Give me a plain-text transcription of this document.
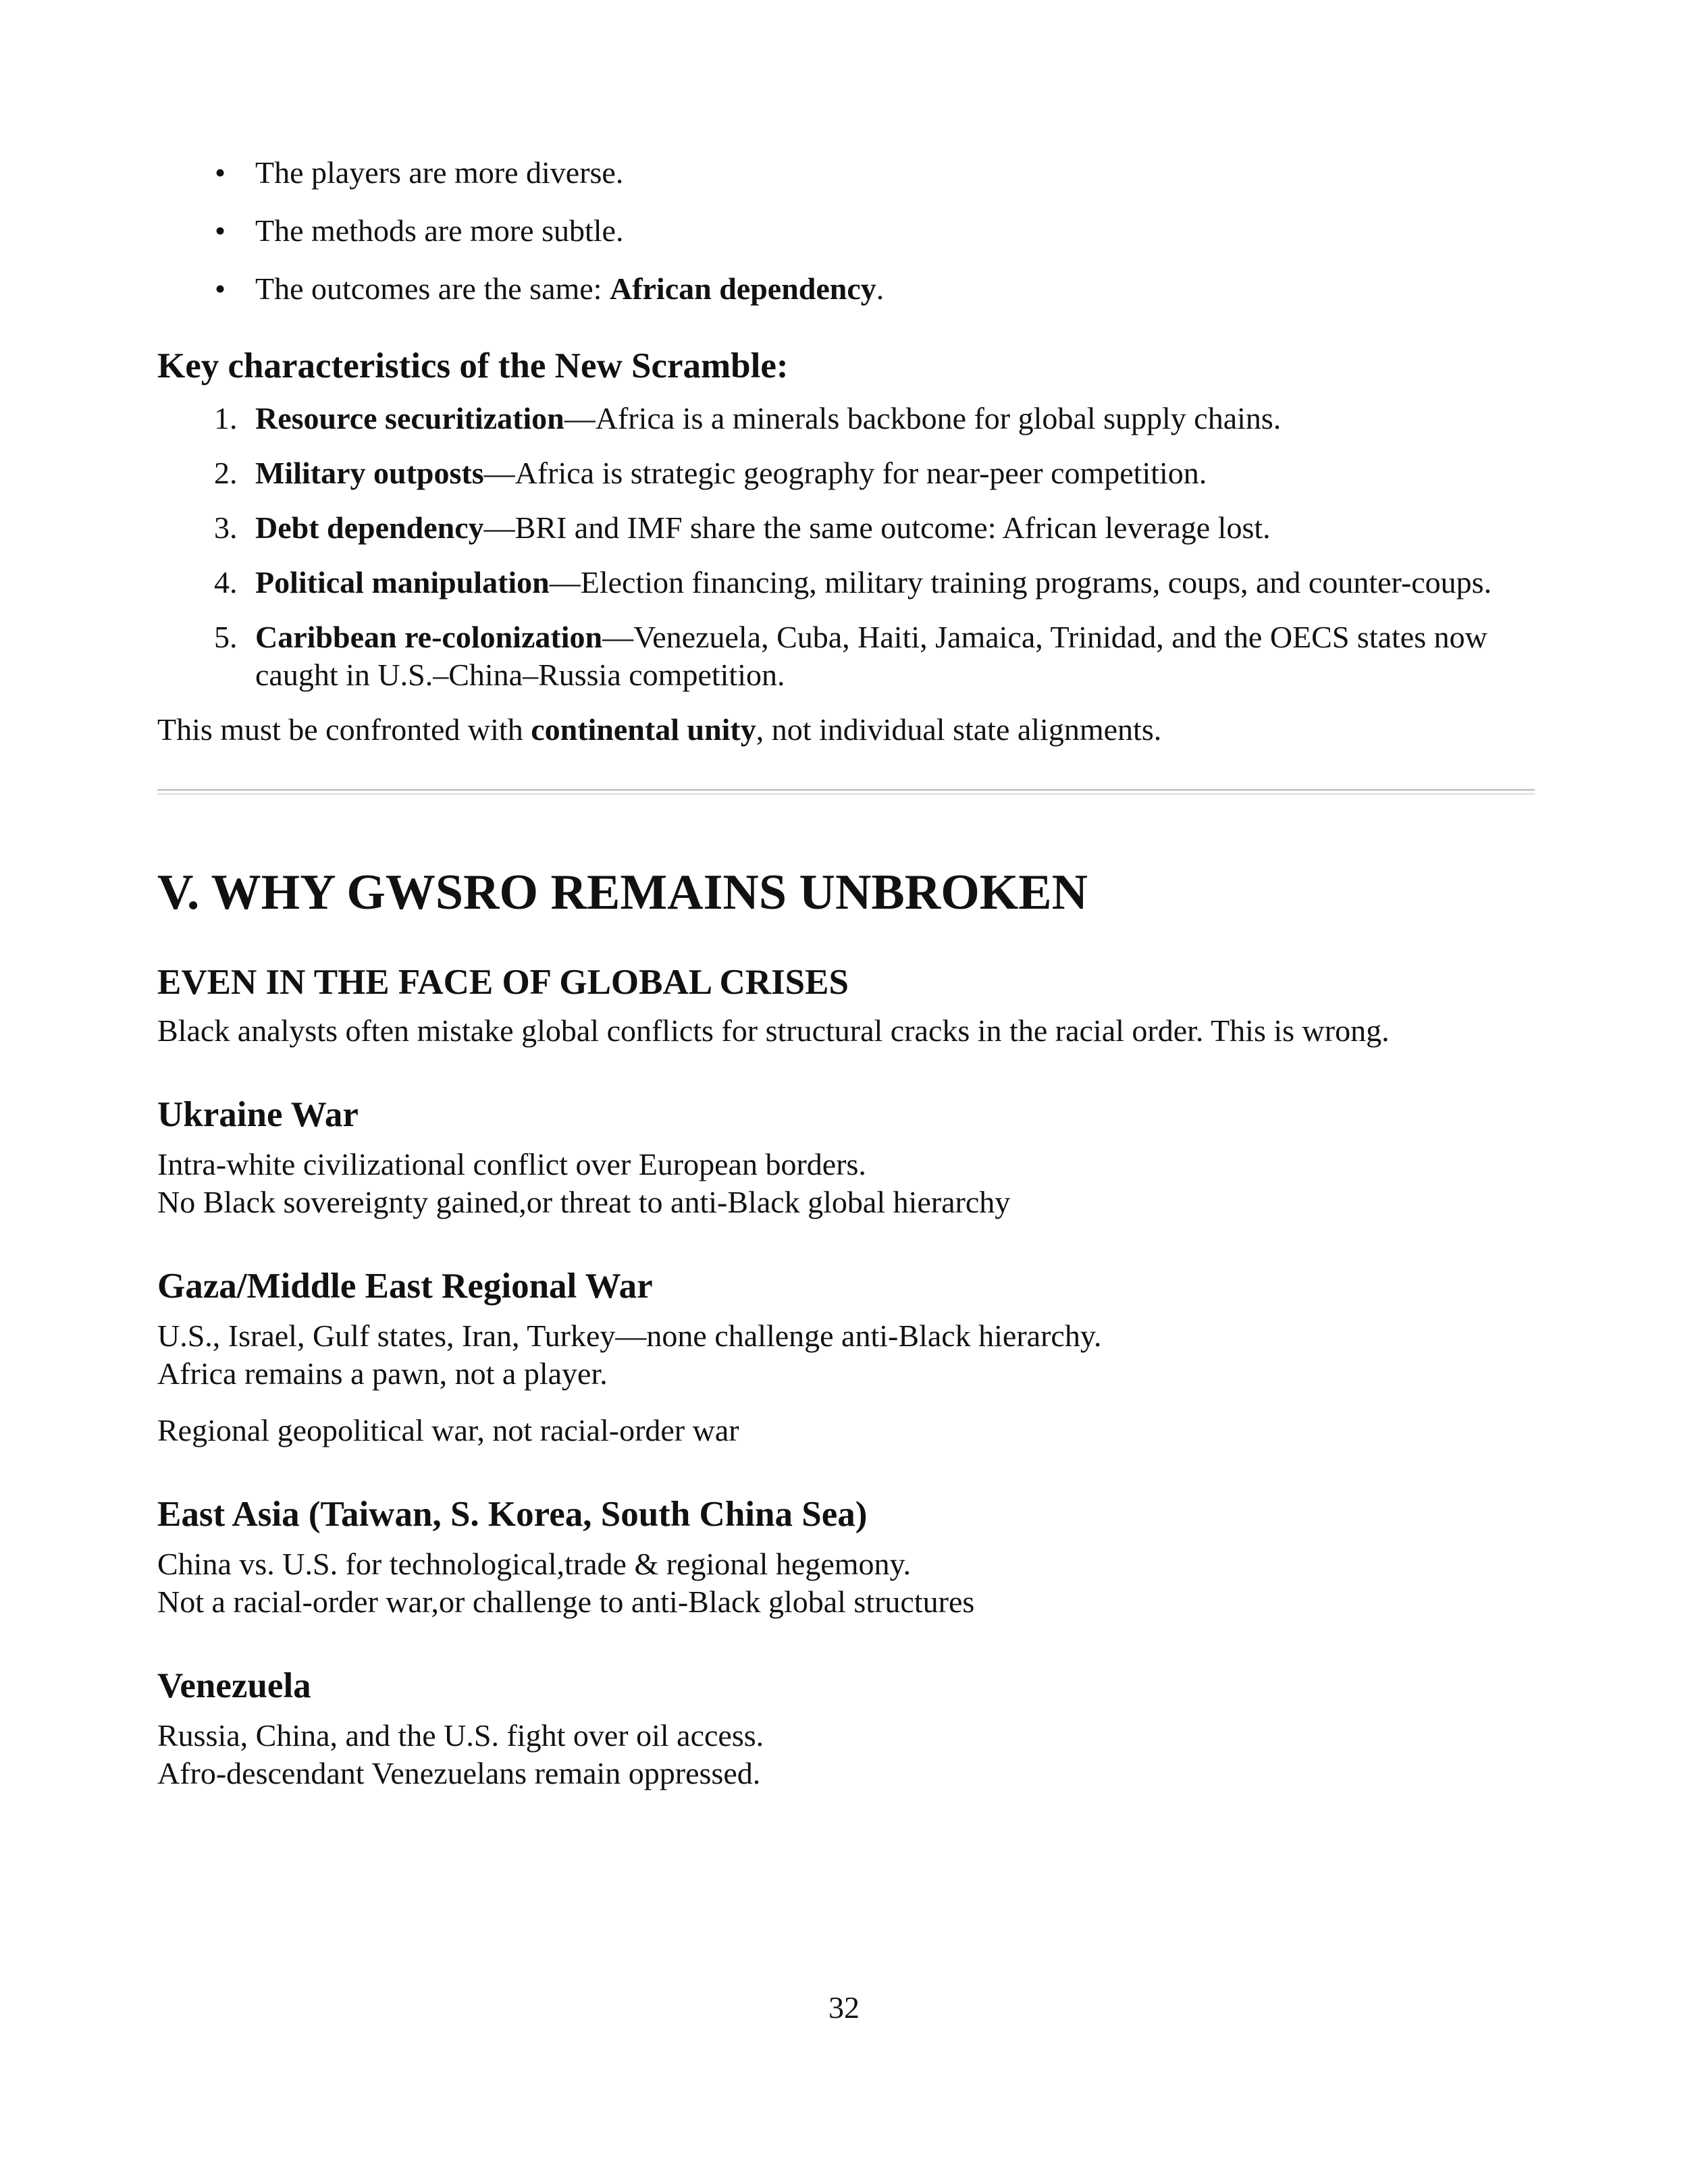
• The players are more diverse.
• The methods are more subtle.
• The outcomes are the same: African dependency.
Key characteristics of the New Scramble:
1. Resource securitization—Africa is a minerals backbone for global supply chains.
2. Military outposts—Africa is strategic geography for near-peer competition.
3. Debt dependency—BRI and IMF share the same outcome: African leverage lost.
4. Political manipulation—Election financing, military training programs, coups, and counter-coups.
5. Caribbean re-colonization—Venezuela, Cuba, Haiti, Jamaica, Trinidad, and the OECS states now caught in U.S.–China–Russia competition.

This must be confronted with continental unity, not individual state alignments.

V. WHY GWSRO REMAINS UNBROKEN
EVEN IN THE FACE OF GLOBAL CRISES

Black analysts often mistake global conflicts for structural cracks in the racial order. This is wrong.

Ukraine War

Intra-white civilizational conflict over European borders.
No Black sovereignty gained,or threat to anti-Black global hierarchy

Gaza/Middle East Regional War

U.S., Israel, Gulf states, Iran, Turkey—none challenge anti-Black hierarchy.
Africa remains a pawn, not a player.

Regional geopolitical war, not racial-order war

East Asia (Taiwan, S. Korea, South China Sea)

China vs. U.S. for technological,trade & regional hegemony.
Not a racial-order war,or challenge to anti-Black global structures

Venezuela

Russia, China, and the U.S. fight over oil access.
Afro-descendant Venezuelans remain oppressed.

32
